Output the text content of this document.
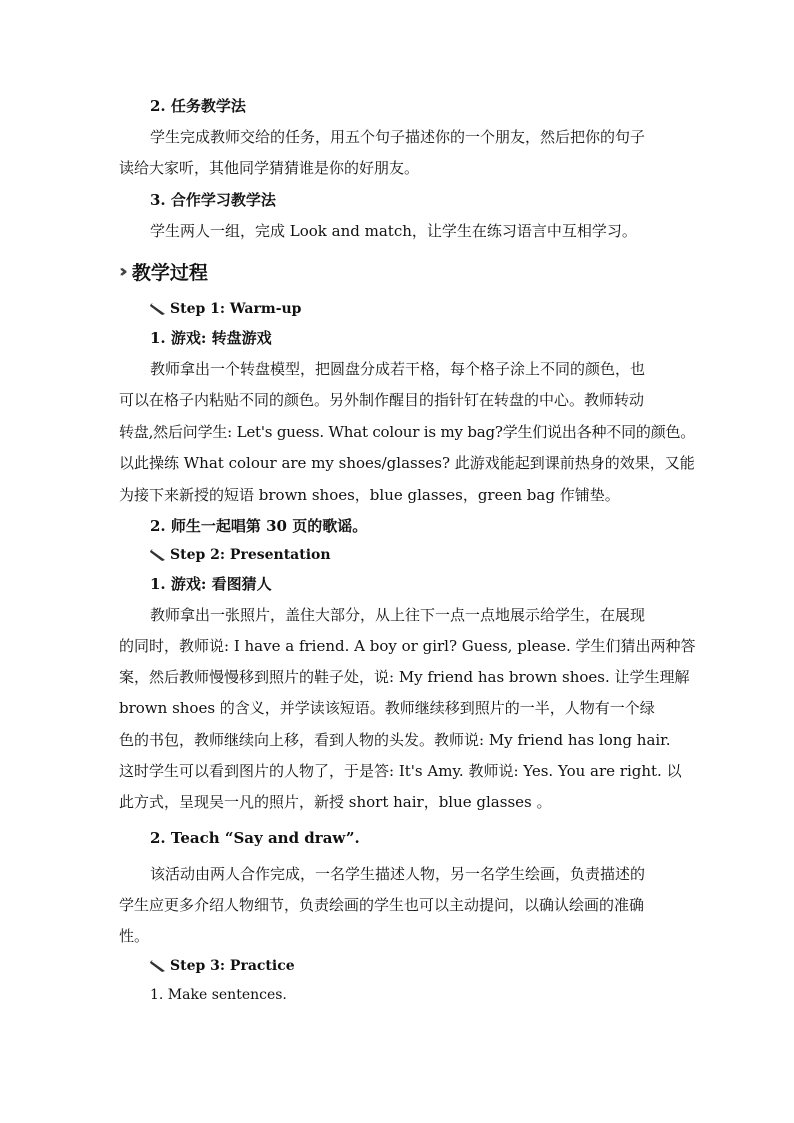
2. 任务教学法
学生完成教师交给的任务，用五个句子描述你的一个朋友，然后把你的句子
读给大家听，其他同学猜猜谁是你的好朋友。
3. 合作学习教学法
学生两人一组，完成 Look and match，让学生在练习语言中互相学习。
›› 教学过程
Step 1: Warm-up
1. 游戏: 转盘游戏
教师拿出一个转盘模型，把圆盘分成若干格，每个格子涂上不同的颜色，也
可以在格子内粘贴不同的颜色。另外制作醒目的指针钉在转盘的中心。教师转动
转盘,然后问学生: Let's guess. What colour is my bag?学生们说出各种不同的颜色。
以此操练 What colour are my shoes/glasses? 此游戏能起到课前热身的效果，又能
为接下来新授的短语 brown shoes，blue glasses，green bag 作铺垫。
2. 师生一起唱第 30 页的歌谣。
Step 2: Presentation
1. 游戏: 看图猜人
教师拿出一张照片，盖住大部分，从上往下一点一点地展示给学生，在展现
的同时，教师说: I have a friend. A boy or girl? Guess, please. 学生们猜出两种答
案，然后教师慢慢移到照片的鞋子处，说: My friend has brown shoes. 让学生理解
brown shoes 的含义，并学读该短语。教师继续移到照片的一半，人物有一个绿
色的书包，教师继续向上移，看到人物的头发。教师说: My friend has long hair.
这时学生可以看到图片的人物了，于是答: It's Amy. 教师说: Yes. You are right. 以
此方式，呈现吴一凡的照片，新授 short hair，blue glasses 。
2. Teach “Say and draw”.
该活动由两人合作完成，一名学生描述人物，另一名学生绘画，负责描述的
学生应更多介绍人物细节，负责绘画的学生也可以主动提问，以确认绘画的准确
性。
Step 3: Practice
1. Make sentences.
